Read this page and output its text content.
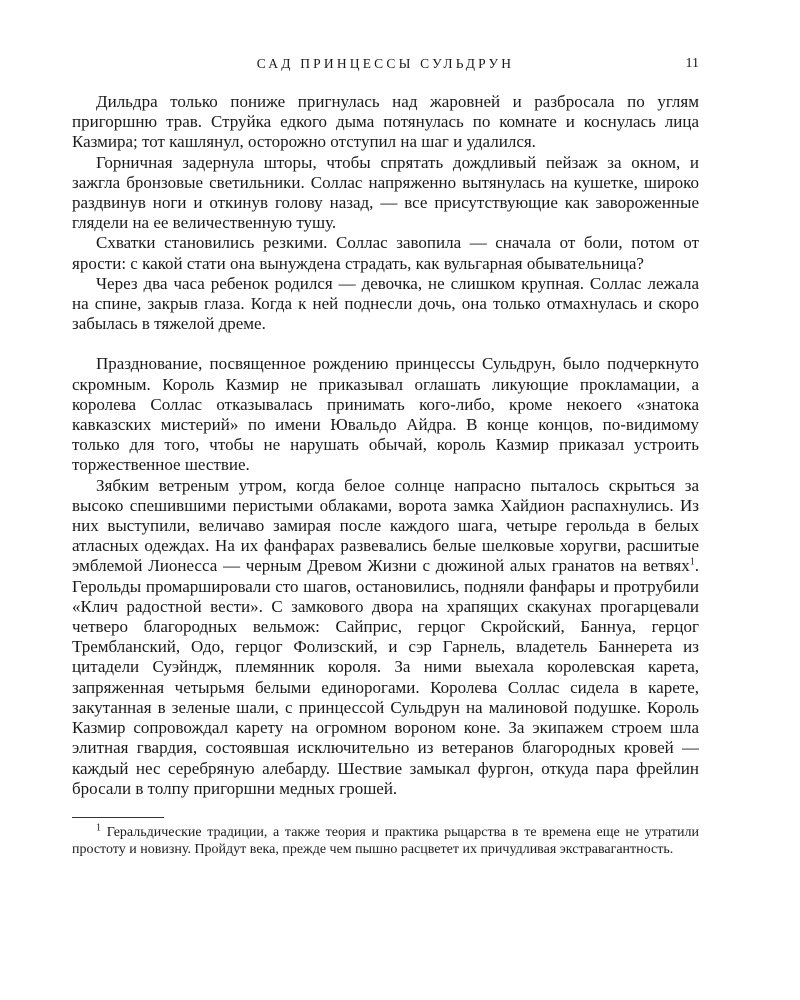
САД ПРИНЦЕССЫ СУЛЬДРУН	11

Дильдра только пониже пригнулась над жаровней и разбросала по углям пригоршню трав. Струйка едкого дыма потянулась по комнате и коснулась лица Казмира; тот кашлянул, осторожно отступил на шаг и удалился.

Горничная задернула шторы, чтобы спрятать дождливый пейзаж за окном, и зажгла бронзовые светильники. Соллас напряженно вытянулась на кушетке, широко раздвинув ноги и откинув голову назад, — все присутствующие как завороженные глядели на ее величественную тушу.

Схватки становились резкими. Соллас завопила — сначала от боли, потом от ярости: с какой стати она вынуждена страдать, как вульгарная обывательница?

Через два часа ребенок родился — девочка, не слишком крупная. Соллас лежала на спине, закрыв глаза. Когда к ней поднесли дочь, она только отмахнулась и скоро забылась в тяжелой дреме.

Празднование, посвященное рождению принцессы Сульдрун, было подчеркнуто скромным. Король Казмир не приказывал оглашать ликующие прокламации, а королева Соллас отказывалась принимать кого-либо, кроме некоего «знатока кавказских мистерий» по имени Ювальдо Айдра. В конце концов, по-видимому только для того, чтобы не нарушать обычай, король Казмир приказал устроить торжественное шествие.

Зябким ветреным утром, когда белое солнце напрасно пыталось скрыться за высоко спешившими перистыми облаками, ворота замка Хайдион распахнулись. Из них выступили, величаво замирая после каждого шага, четыре герольда в белых атласных одеждах. На их фанфарах развевались белые шелковые хоругви, расшитые эмблемой Лионесса — черным Древом Жизни с дюжиной алых гранатов на ветвях$^1$. Герольды промаршировали сто шагов, остановились, подняли фанфары и протрубили «Клич радостной вести». С замкового двора на храпящих скакунах прогарцевали четверо благородных вельмож: Сайприс, герцог Скройский, Баннуа, герцог Трембланский, Одо, герцог Фолизский, и сэр Гарнель, владетель Баннерета из цитадели Суэйндж, племянник короля. За ними выехала королевская карета, запряженная четырьмя белыми единорогами. Королева Соллас сидела в карете, закутанная в зеленые шали, с принцессой Сульдрун на малиновой подушке. Король Казмир сопровождал карету на огромном вороном коне. За экипажем строем шла элитная гвардия, состоявшая исключительно из ветеранов благородных кровей — каждый нес серебряную алебарду. Шествие замыкал фургон, откуда пара фрейлин бросали в толпу пригоршни медных грошей.

$^1$ Геральдические традиции, а также теория и практика рыцарства в те времена еще не утратили простоту и новизну. Пройдут века, прежде чем пышно расцветет их причудливая экстравагантность.
